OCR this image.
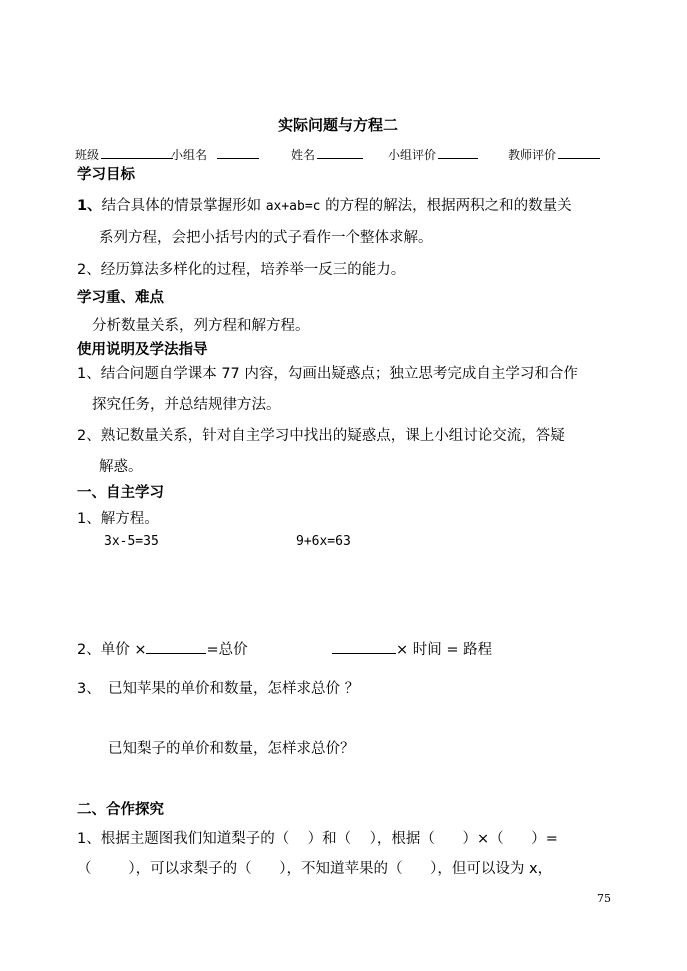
实际问题与方程二
班级	小组名	姓名	小组评价	教师评价
学习目标
1、结合具体的情景掌握形如 ax+ab=c 的方程的解法，根据两积之和的数量关
系列方程，会把小括号内的式子看作一个整体求解。
2、经历算法多样化的过程，培养举一反三的能力。
学习重、难点
分析数量关系，列方程和解方程。
使用说明及学法指导
1、结合问题自学课本 77 内容，勾画出疑惑点；独立思考完成自主学习和合作
探究任务，并总结规律方法。
2、熟记数量关系，针对自主学习中找出的疑惑点，课上小组讨论交流，答疑
解惑。
一、自主学习
1、解方程。
3x-5=35	9+6x=63
2、单价 ×	=总价	× 时间 = 路程
3、 已知苹果的单价和数量，怎样求总价 ？
已知梨子的单价和数量，怎样求总价？
二、合作探究
1、根据主题图我们知道梨子的（    ）和（    ），根据（      ）×（      ）=
（        ），可以求梨子的（      ），不知道苹果的（      ），但可以设为 x，
75
